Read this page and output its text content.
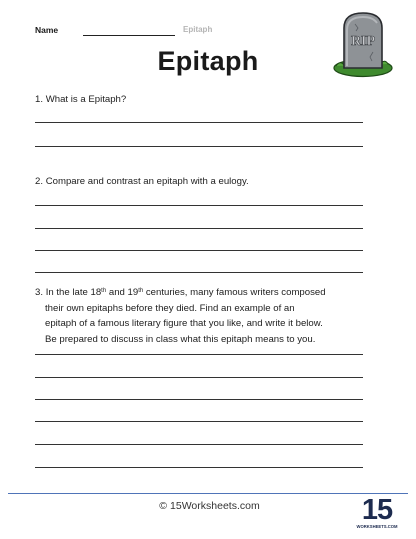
Name	Epitaph
RIP
Epitaph
1. What is a Epitaph?
2. Compare and contrast an epitaph with a eulogy.
3. In the late 18th and 19th centuries, many famous writers composed
their own epitaphs before they died. Find an example of an
epitaph of a famous literary figure that you like, and write it below.
Be prepared to discuss in class what this epitaph means to you.
© 15Worksheets.com	15
WORKSHEETS.COM
